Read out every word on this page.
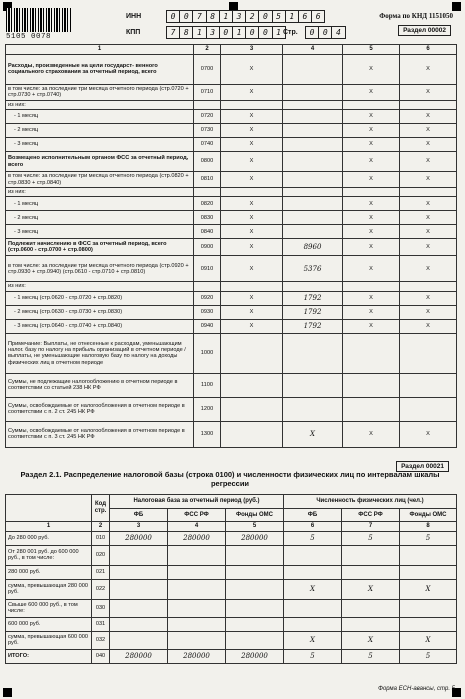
5105 0078
ИНН	0	0	7	8	1	3	2	0	5	1	6	6
КПП	7	8	1	3	0	1	0	0	1 Стр.	0	0	4
Форма по КНД 1151050
Раздел 00002
1	2	3	4	5	6
Расходы, произведенные на цели государст- венного социального страхования за отчетный период, всего	0700	X		X	X
в том числе: за последние три месяца отчетного периода (стр.0720 + стр.0730 + стр.0740)	0710	X		X	X
из них:					
- 1 месяц	0720	X		X	X
- 2 месяц	0730	X		X	X
- 3 месяц	0740	X		X	X
Возмещено исполнительным органом ФСС за отчетный период, всего	0800	X		X	X
в том числе: за последние три месяца отчетного периода (стр.0820 + стр.0830 + стр.0840)	0810	X		X	X
из них:					
- 1 месяц	0820	X		X	X
- 2 месяц	0830	X		X	X
- 3 месяц	0840	X		X	X
Подлежит начислению в ФСС за отчетный период, всего (стр.0600 - стр.0700 + стр.0800)	0900	X	8960	X	X
в том числе: за последние три месяца отчетного периода (стр.0920 + стр.0930 + стр.0940) (стр.0610 - стр.0710 + стр.0810)	0910	X	5376	X	X
из них:					
- 1 месяц (стр.0620 - стр.0720 + стр.0820)	0920	X	1792	X	X
- 2 месяц (стр.0630 - стр.0730 + стр.0830)	0930	X	1792	X	X
- 3 месяц (стр.0640 - стр.0740 + стр.0840)	0940	X	1792	X	X
Примечание: Выплаты, не отнесенные к расходам, уменьшающим налог. базу по налогу на прибыль организаций в отчетном периоде / выплаты, не уменьшающие налоговую базу по налогу на доходы физических лиц в отчетном периоде	1000				
Суммы, не подлежащие налогообложению в отчетном периоде в соответствии со статьей 238 НК РФ	1100				
Суммы, освобождаемые от налогообложения в отчетном периоде в соответствии с п. 2 ст. 245 НК РФ	1200				
Суммы, освобождаемые от налогообложения в отчетном периоде в соответствии с п. 3 ст. 245 НК РФ	1300		X	X	X
Раздел 00021
Раздел 2.1. Распределение налоговой базы (строка 0100) и численности физических лиц по интервалам шкалы регрессии
	Код стр.	Налоговая база за отчетный период (руб.)			Численность физических лиц (чел.)		
		ФБ	ФСС РФ	Фонды ОМС	ФБ	ФСС РФ	Фонды ОМС
1	2	3	4	5	6	7	8
До 280 000 руб.	010	280000	280000	280000	5	5	5
От 280 001 руб. до 600 000 руб., в том числе:	020						
280 000 руб.	021						
сумма, превышающая 280 000 руб.	022				X	X	X
Свыше 600 000 руб., в том числе:	030						
600 000 руб.	031						
сумма, превышающая 600 000 руб.	032				X	X	X
ИТОГО:	040	280000	280000	280000	5	5	5
Форма ЕСН-авансы, стр. 5
